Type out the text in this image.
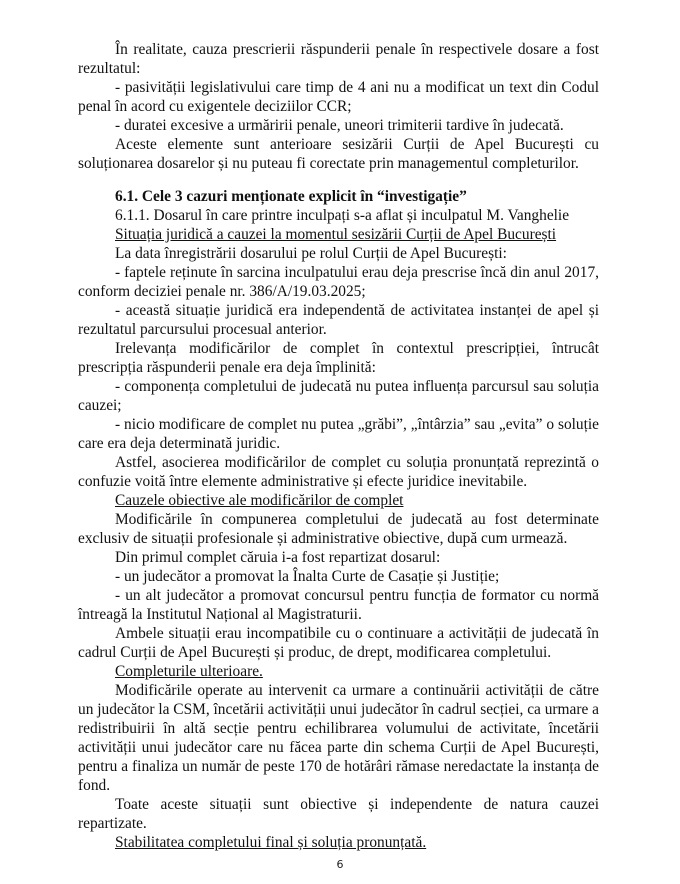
În realitate, cauza prescrierii răspunderii penale în respectivele dosare a fost rezultatul:

- pasivității legislativului care timp de 4 ani nu a modificat un text din Codul penal în acord cu exigentele deciziilor CCR;

- duratei excesive a urmăririi penale, uneori trimiterii tardive în judecată.

Aceste elemente sunt anterioare sesizării Curții de Apel București cu soluționarea dosarelor și nu puteau fi corectate prin managementul completurilor.

6.1. Cele 3 cazuri menționate explicit în “investigație”

6.1.1. Dosarul în care printre inculpați s-a aflat și inculpatul M. Vanghelie

Situația juridică a cauzei la momentul sesizării Curții de Apel București

La data înregistrării dosarului pe rolul Curții de Apel București:

- faptele reținute în sarcina inculpatului erau deja prescrise încă din anul 2017, conform deciziei penale nr. 386/A/19.03.2025;

- această situație juridică era independentă de activitatea instanței de apel și rezultatul parcursului procesual anterior.

Irelevanța modificărilor de complet în contextul prescripției, întrucât prescripția răspunderii penale era deja împlinită:

- componența completului de judecată nu putea influența parcursul sau soluția cauzei;

- nicio modificare de complet nu putea „grăbi”, „întârzia” sau „evita” o soluție care era deja determinată juridic.

Astfel, asocierea modificărilor de complet cu soluția pronunțată reprezintă o confuzie voită între elemente administrative și efecte juridice inevitabile.

Cauzele obiective ale modificărilor de complet

Modificările în compunerea completului de judecată au fost determinate exclusiv de situații profesionale și administrative obiective, după cum urmează.

Din primul complet căruia i-a fost repartizat dosarul:

- un judecător a promovat la Înalta Curte de Casație și Justiție;

- un alt judecător a promovat concursul pentru funcția de formator cu normă întreagă la Institutul Național al Magistraturii.

Ambele situații erau incompatibile cu o continuare a activității de judecată în cadrul Curții de Apel București și produc, de drept, modificarea completului.

Completurile ulterioare.

Modificările operate au intervenit ca urmare a continuării activității de către un judecător la CSM, încetării activității unui judecător în cadrul secției, ca urmare a redistribuirii în altă secție pentru echilibrarea volumului de activitate, încetării activității unui judecător care nu făcea parte din schema Curții de Apel București, pentru a finaliza un număr de peste 170 de hotărâri rămase neredactate la instanța de fond.

Toate aceste situații sunt obiective și independente de natura cauzei repartizate.

Stabilitatea completului final și soluția pronunțată.

6
